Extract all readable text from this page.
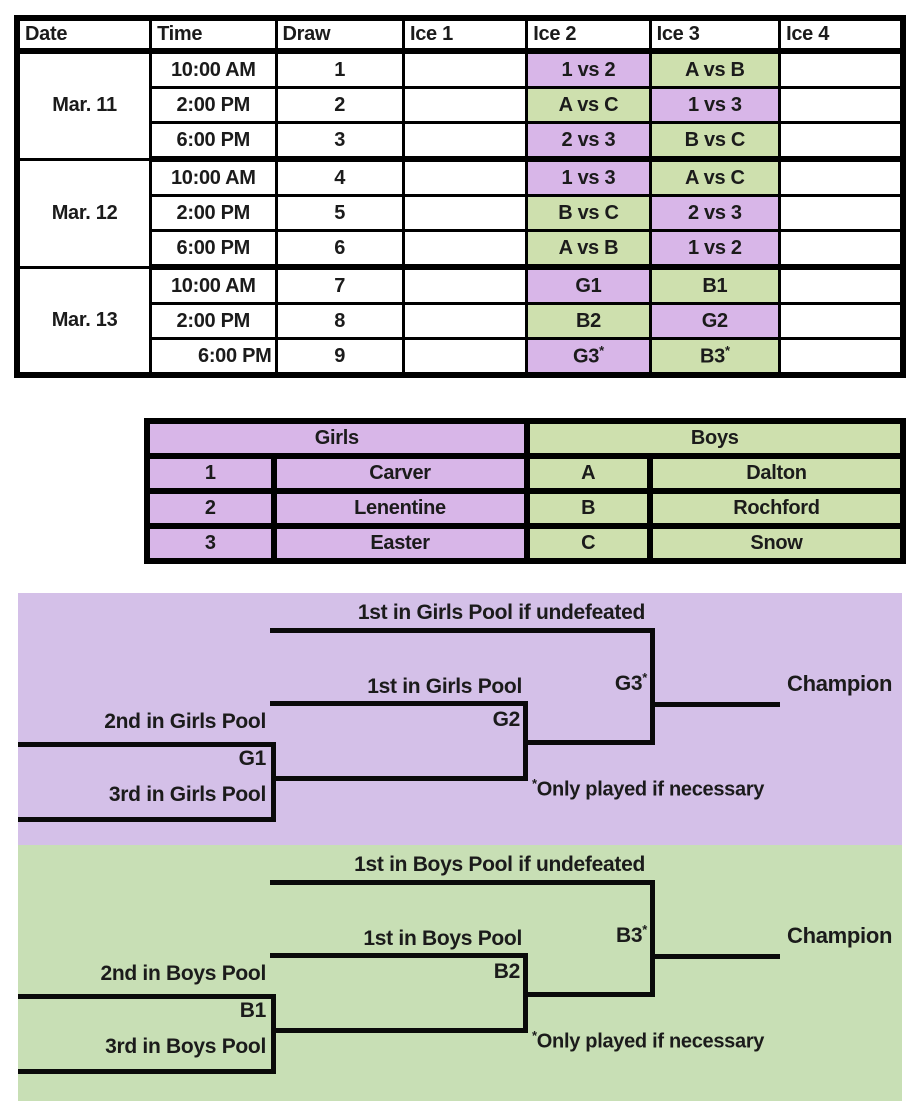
Date	Time	Draw	Ice 1	Ice 2	Ice 3	Ice 4
Mar. 11	10:00 AM	1		1 vs 2	A vs B	
	2:00 PM	2		A vs C	1 vs 3	
	6:00 PM	3		2 vs 3	B vs C	
Mar. 12	10:00 AM	4		1 vs 3	A vs C	
	2:00 PM	5		B vs C	2 vs 3	
	6:00 PM	6		A vs B	1 vs 2	
Mar. 13	10:00 AM	7		G1	B1	
	2:00 PM	8		B2	G2	
	6:00 PM	9		G3*	B3*	
Girls		Boys	
1	Carver	A	Dalton
2	Lenentine	B	Rochford
3	Easter	C	Snow
1st in Girls Pool if undefeated
1st in Girls Pool
2nd in Girls Pool
G1
3rd in Girls Pool
G2
G3*	Champion
*Only played if necessary
1st in Boys Pool if undefeated
1st in Boys Pool
2nd in Boys Pool
B1
3rd in Boys Pool
B2
B3*	Champion
*Only played if necessary
